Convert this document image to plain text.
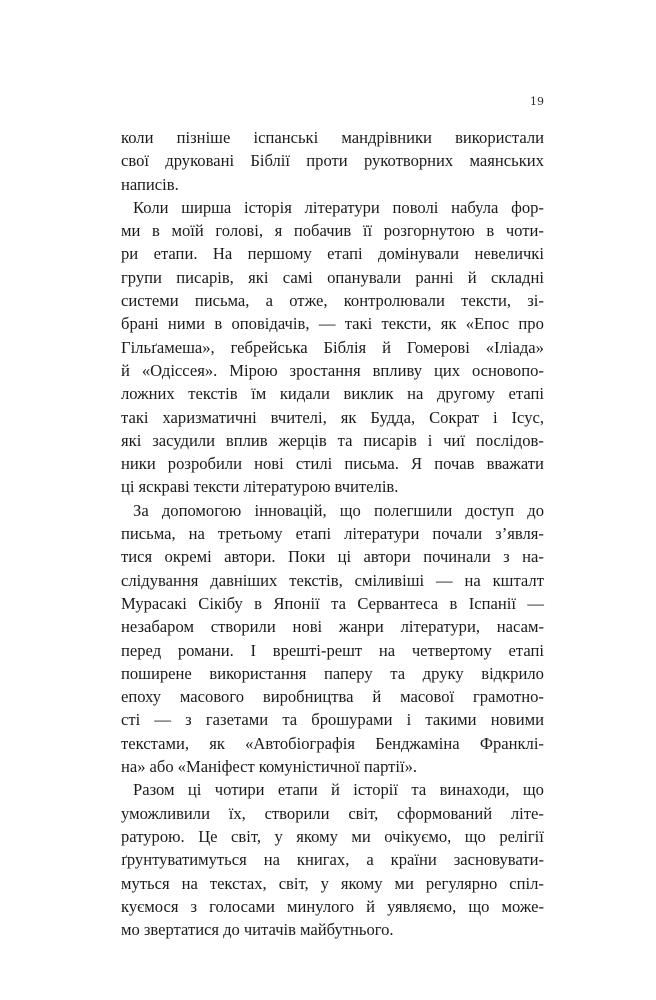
19
коли пізніше іспанські мандрівники використали
свої друковані Біблії проти рукотворних маянських
написів.
Коли ширша історія літератури поволі набула фор-
ми в моїй голові, я побачив її розгорнутою в чоти-
ри етапи. На першому етапі домінували невеличкі
групи писарів, які самі опанували ранні й складні
системи письма, а отже, контролювали тексти, зі-
брані ними в оповідачів, — такі тексти, як «Епос про
Гільґамеша», гебрейська Біблія й Гомерові «Іліада»
й «Одіссея». Мірою зростання впливу цих основопо-
ложних текстів їм кидали виклик на другому етапі
такі харизматичні вчителі, як Будда, Сократ і Ісус,
які засудили вплив жерців та писарів і чиї послідов-
ники розробили нові стилі письма. Я почав вважати
ці яскраві тексти літературою вчителів.
За допомогою інновацій, що полегшили доступ до
письма, на третьому етапі літератури почали з’явля-
тися окремі автори. Поки ці автори починали з на-
слідування давніших текстів, сміливіші — на кшталт
Мурасакі Сікібу в Японії та Сервантеса в Іспанії —
незабаром створили нові жанри літератури, насам-
перед романи. І врешті-решт на четвертому етапі
поширене використання паперу та друку відкрило
епоху масового виробництва й масової грамотно-
сті — з газетами та брошурами і такими новими
текстами, як «Автобіографія Бенджаміна Франклі-
на» або «Маніфест комуністичної партії».
Разом ці чотири етапи й історії та винаходи, що
уможливили їх, створили світ, сформований літе-
ратурою. Це світ, у якому ми очікуємо, що релігії
ґрунтуватимуться на книгах, а країни засновувати-
муться на текстах, світ, у якому ми регулярно спіл-
куємося з голосами минулого й уявляємо, що може-
мо звертатися до читачів майбутнього.
